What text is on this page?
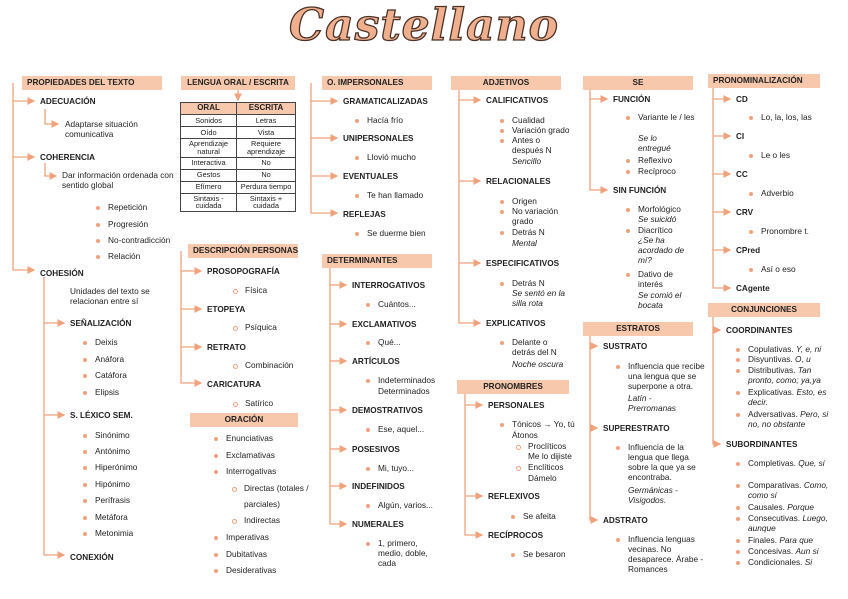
Castellano
PROPIEDADES DEL TEXTO
ADECUACIÓN
Adaptarse situación comunicativa
COHERENCIA
Dar información ordenada con sentido global
Repetición
Progresión
No-contradicción
Relación
COHESIÓN
Unidades del texto se relacionan entre sí
SEÑALIZACIÓN
Deixis
Anáfora
Catáfora
Elipsis
S. LÉXICO SEM.
Sinónimo
Antónimo
Hiperónimo
Hipónimo
Perífrasis
Metáfora
Metonimia
CONEXIÓN
LENGUA ORAL / ESCRITA
ORAL	ESCRITA
Sonidos	Letras
Oído	Vista
Aprendizaje natural	Requiere aprendizaje
Interactiva	No
Gestos	No
Efímero	Perdura tiempo
Sintaxis - cuidada	Sintaxis + cuidada
DESCRIPCIÓN PERSONAS
PROSOPOGRAFÍA
Física
ETOPEYA
Psíquica
RETRATO
Combinación
CARICATURA
Satírico
ORACIÓN
Enunciativas
Exclamativas
Interrogativas
Directas (totales /
parciales)
Indirectas
Imperativas
Dubitativas
Desiderativas
O. IMPERSONALES
GRAMATICALIZADAS
Hacía frío
UNIPERSONALES
Llovió mucho
EVENTUALES
Te han llamado
REFLEJAS
Se duerme bien
DETERMINANTES
INTERROGATIVOS
Cuántos...
EXCLAMATIVOS
Qué...
ARTÍCULOS
Indeterminados
Determinados
DEMOSTRATIVOS
Ese, aquel...
POSESIVOS
Mi, tuyo...
INDEFINIDOS
Algún, varios...
NUMERALES
1, primero, medio, doble, cada
ADJETIVOS
CALIFICATIVOS
Cualidad
Variación grado
Antes o después N
Sencillo
RELACIONALES
Origen
No variación grado
Detrás N
Mental
ESPECIFICATIVOS
Detrás N
Se sentó en la silla rota
EXPLICATIVOS
Delante o detrás del N
Noche oscura
PRONOMBRES
PERSONALES
Tónicos → Yo, tú
Átonos
Proclíticos
Me lo dijiste
Enclíticos
Dámelo
REFLEXIVOS
Se afeita
RECÍPROCOS
Se besaron
SE
FUNCIÓN
Variante le / les
Se lo entregué
Reflexivo
Recíproco
SIN FUNCIÓN
Morfológico
Se suicidó
Diacrítico
¿Se ha acordado de mí?
Dativo de interés
Se comió el bocata
ESTRATOS
SUSTRATO
Influencia que recibe una lengua que se superpone a otra.
Latín - Prerromanas
SUPERESTRATO
Influencia de la lengua que llega sobre la que ya se encontraba.
Germánicas - Visigodos.
ADSTRATO
Influencia lenguas vecinas. No desaparece. Árabe - Romances
PRONOMINALIZACIÓN
CD
Lo, la, los, las
CI
Le o les
CC
Adverbio
CRV
Pronombre t.
CPred
Así o eso
CAgente
CONJUNCIONES
COORDINANTES
Copulativas. Y, e, ni
Disyuntivas. O, u
Distributivas. Tan pronto, como; ya,ya
Explicativas. Esto, es decir.
Adversativas. Pero, si no, no obstante
SUBORDINANTES
Completivas. Que, si
Comparativas. Como, como si
Causales. Porque
Consecutivas. Luego, aunque
Finales. Para que
Concesivas. Aun si
Condicionales. Si
